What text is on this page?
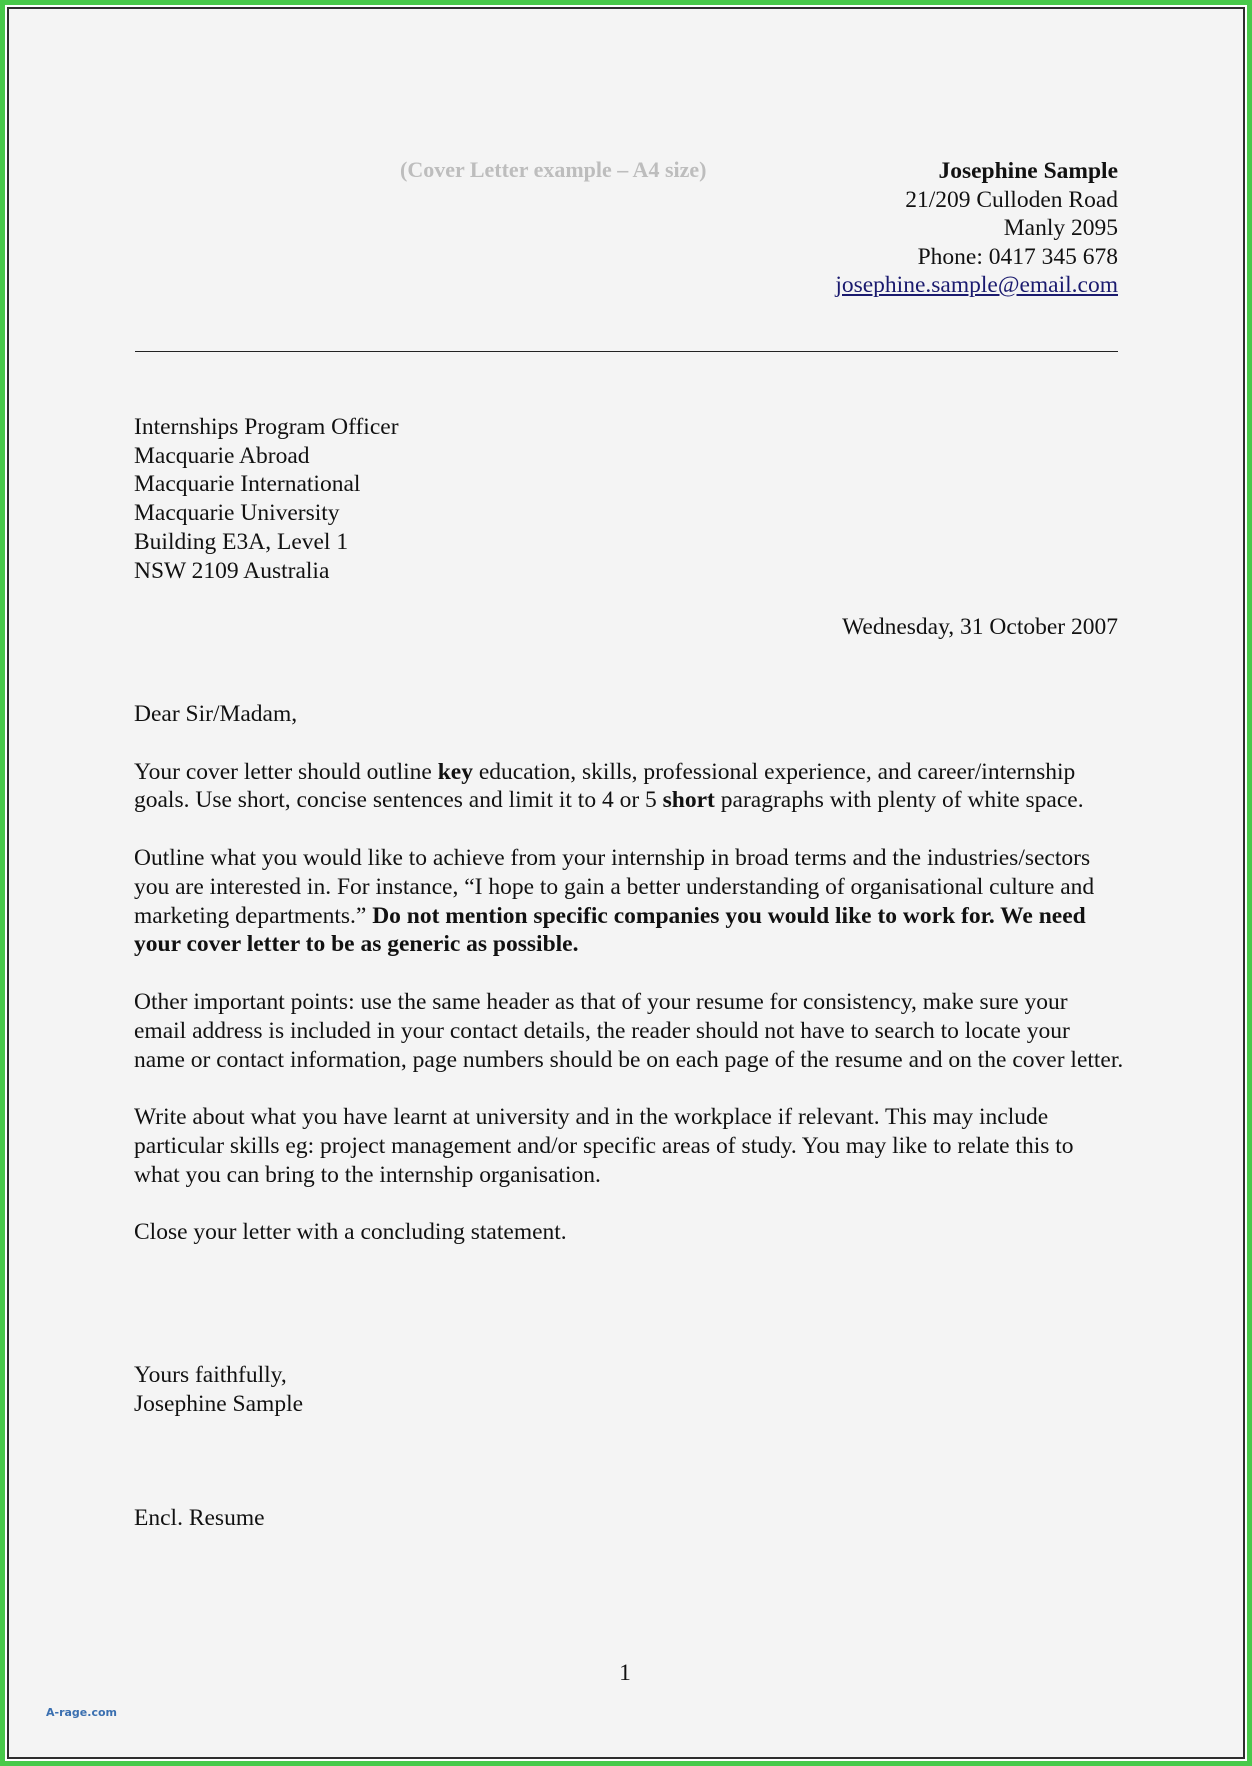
(Cover Letter example – A4 size)	Josephine Sample
21/209 Culloden Road
Manly 2095
Phone: 0417 345 678
josephine.sample@email.com
Internships Program Officer
Macquarie Abroad
Macquarie International
Macquarie University
Building E3A, Level 1
NSW 2109 Australia
Wednesday, 31 October 2007

Dear Sir/Madam,

Your cover letter should outline key education, skills, professional experience, and career/internship goals. Use short, concise sentences and limit it to 4 or 5 short paragraphs with plenty of white space.

Outline what you would like to achieve from your internship in broad terms and the industries/sectors you are interested in. For instance, “I hope to gain a better understanding of organisational culture and marketing departments.” Do not mention specific companies you would like to work for. We need your cover letter to be as generic as possible.

Other important points: use the same header as that of your resume for consistency, make sure your email address is included in your contact details, the reader should not have to search to locate your name or contact information, page numbers should be on each page of the resume and on the cover letter.

Write about what you have learnt at university and in the workplace if relevant. This may include particular skills eg: project management and/or specific areas of study. You may like to relate this to what you can bring to the internship organisation.

Close your letter with a concluding statement.

Yours faithfully,
Josephine Sample
Encl. Resume
1
A-rage.com
